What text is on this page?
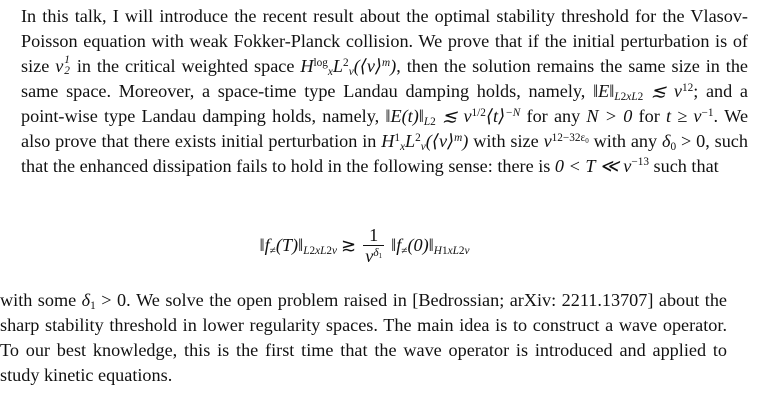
In this talk, I will introduce the recent result about the optimal stability threshold for the Vlasov-Poisson equation with weak Fokker-Planck collision. We prove that if the initial perturbation is of size ν 1
2 in the critical weighted space $H^{log}_xL^2_v(⟨v⟩^m)$, then the solution remains the same size in the same space. Moreover, a space-time type Landau damping holds, namely, $‖E‖_{L2xL2}$ ≲ $\nu^{12}$; and a point-wise type Landau damping holds, namely, $‖E(t)‖_{L2}$ ≲ $\nu^{1/2}⟨t⟩^{-N}$ for any N > 0 for $t \ge \nu^{-1}$. We also prove that there exists initial perturbation in $H^1_xL^2_v(⟨v⟩^m)$ with size $\nu^{12-32\varepsilon_0}$ with any $\delta_0 > 0$, such that the enhanced dissipation fails to hold in the following sense: there is 0 < T ≪ $\nu^{-13}$ such that

$‖f_\ne(T)‖_{L2xL2v}$ ≳ $\frac{1}{\nu^{\delta_1}}$ $‖f_\ne(0)‖_{H1xL2v}$

with some $\delta_1 > 0$. We solve the open problem raised in [Bedrossian; arXiv: 2211.13707] about the sharp stability threshold in lower regularity spaces. The main idea is to construct a wave operator. To our best knowledge, this is the first time that the wave operator is introduced and applied to study kinetic equations.
